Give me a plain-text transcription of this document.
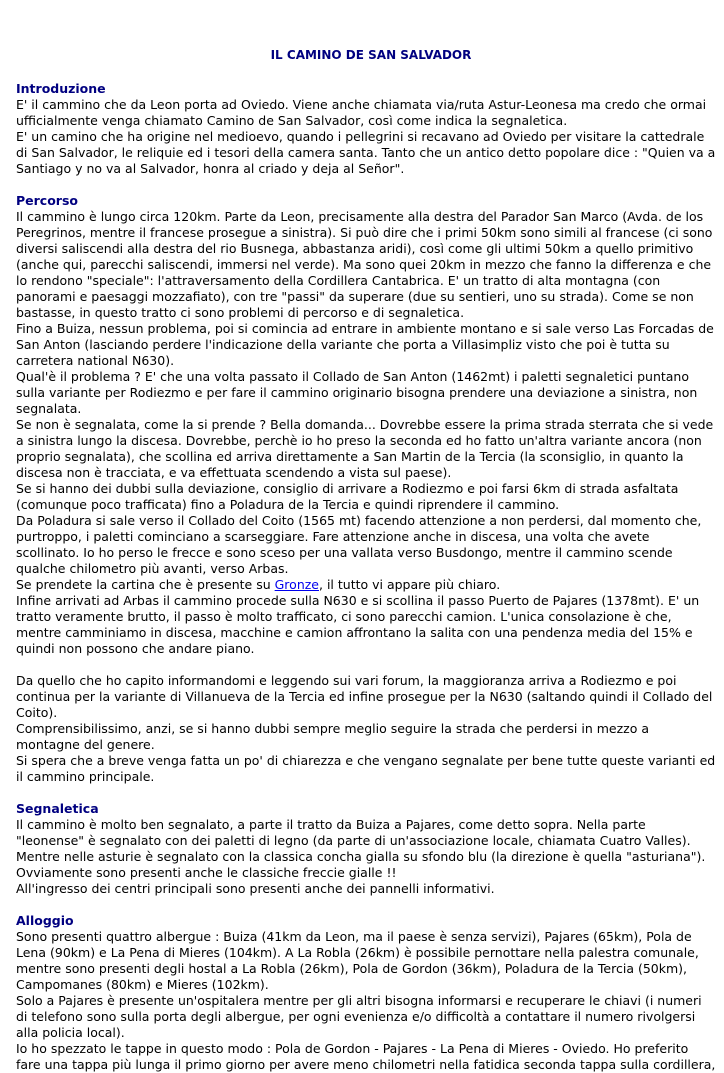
IL CAMINO DE SAN SALVADOR
Introduzione

E' il cammino che da Leon porta ad Oviedo. Viene anche chiamata via/ruta Astur-Leonesa ma credo che ormai ufficialmente venga chiamato Camino de San Salvador, così come indica la segnaletica.

E' un camino che ha origine nel medioevo, quando i pellegrini si recavano ad Oviedo per visitare la cattedrale di San Salvador, le reliquie ed i tesori della camera santa. Tanto che un antico detto popolare dice : "Quien va a Santiago y no va al Salvador, honra al criado y deja al Señor".

Percorso

Il cammino è lungo circa 120km. Parte da Leon, precisamente alla destra del Parador San Marco (Avda. de los Peregrinos, mentre il francese prosegue a sinistra). Si può dire che i primi 50km sono simili al francese (ci sono diversi saliscendi alla destra del rio Busnega, abbastanza aridi), così come gli ultimi 50km a quello primitivo (anche qui, parecchi saliscendi, immersi nel verde). Ma sono quei 20km in mezzo che fanno la differenza e che lo rendono "speciale": l'attraversamento della Cordillera Cantabrica. E' un tratto di alta montagna (con panorami e paesaggi mozzafiato), con tre "passi" da superare (due su sentieri, uno su strada). Come se non bastasse, in questo tratto ci sono problemi di percorso e di segnaletica.

Fino a Buiza, nessun problema, poi si comincia ad entrare in ambiente montano e si sale verso Las Forcadas de San Anton (lasciando perdere l'indicazione della variante che porta a Villasimpliz visto che poi è tutta su carretera national N630).

Qual'è il problema ? E' che una volta passato il Collado de San Anton (1462mt) i paletti segnaletici puntano sulla variante per Rodiezmo e per fare il cammino originario bisogna prendere una deviazione a sinistra, non segnalata.

Se non è segnalata, come la si prende ? Bella domanda... Dovrebbe essere la prima strada sterrata che si vede a sinistra lungo la discesa. Dovrebbe, perchè io ho preso la seconda ed ho fatto un'altra variante ancora (non proprio segnalata), che scollina ed arriva direttamente a San Martin de la Tercia (la sconsiglio, in quanto la discesa non è tracciata, e va effettuata scendendo a vista sul paese).

Se si hanno dei dubbi sulla deviazione, consiglio di arrivare a Rodiezmo e poi farsi 6km di strada asfaltata (comunque poco trafficata) fino a Poladura de la Tercia e quindi riprendere il cammino.

Da Poladura si sale verso il Collado del Coito (1565 mt) facendo attenzione a non perdersi, dal momento che, purtroppo, i paletti cominciano a scarseggiare. Fare attenzione anche in discesa, una volta che avete scollinato. Io ho perso le frecce e sono sceso per una vallata verso Busdongo, mentre il cammino scende qualche chilometro più avanti, verso Arbas.

Se prendete la cartina che è presente su Gronze, il tutto vi appare più chiaro.

Infine arrivati ad Arbas il cammino procede sulla N630 e si scollina il passo Puerto de Pajares (1378mt). E' un tratto veramente brutto, il passo è molto trafficato, ci sono parecchi camion. L'unica consolazione è che, mentre camminiamo in discesa, macchine e camion affrontano la salita con una pendenza media del 15% e quindi non possono che andare piano.

Da quello che ho capito informandomi e leggendo sui vari forum, la maggioranza arriva a Rodiezmo e poi continua per la variante di Villanueva de la Tercia ed infine prosegue per la N630 (saltando quindi il Collado del Coito).

Comprensibilissimo, anzi, se si hanno dubbi sempre meglio seguire la strada che perdersi in mezzo a montagne del genere.

Si spera che a breve venga fatta un po' di chiarezza e che vengano segnalate per bene tutte queste varianti ed il cammino principale.

Segnaletica

Il cammino è molto ben segnalato, a parte il tratto da Buiza a Pajares, come detto sopra. Nella parte "leonense" è segnalato con dei paletti di legno (da parte di un'associazione locale, chiamata Cuatro Valles).

Mentre nelle asturie è segnalato con la classica concha gialla su sfondo blu (la direzione è quella "asturiana"). Ovviamente sono presenti anche le classiche freccie gialle !!

All'ingresso dei centri principali sono presenti anche dei pannelli informativi.

Alloggio

Sono presenti quattro albergue : Buiza (41km da Leon, ma il paese è senza servizi), Pajares (65km), Pola de Lena (90km) e La Pena di Mieres (104km). A La Robla (26km) è possibile pernottare nella palestra comunale, mentre sono presenti degli hostal a La Robla (26km), Pola de Gordon (36km), Poladura de la Tercia (50km), Campomanes (80km) e Mieres (102km).

Solo a Pajares è presente un'ospitalera mentre per gli altri bisogna informarsi e recuperare le chiavi (i numeri di telefono sono sulla porta degli albergue, per ogni evenienza e/o difficoltà a contattare il numero rivolgersi alla policia local).

Io ho spezzato le tappe in questo modo : Pola de Gordon - Pajares - La Pena di Mieres - Oviedo. Ho preferito fare una tappa più lunga il primo giorno per avere meno chilometri nella fatidica seconda tappa sulla cordillera,
